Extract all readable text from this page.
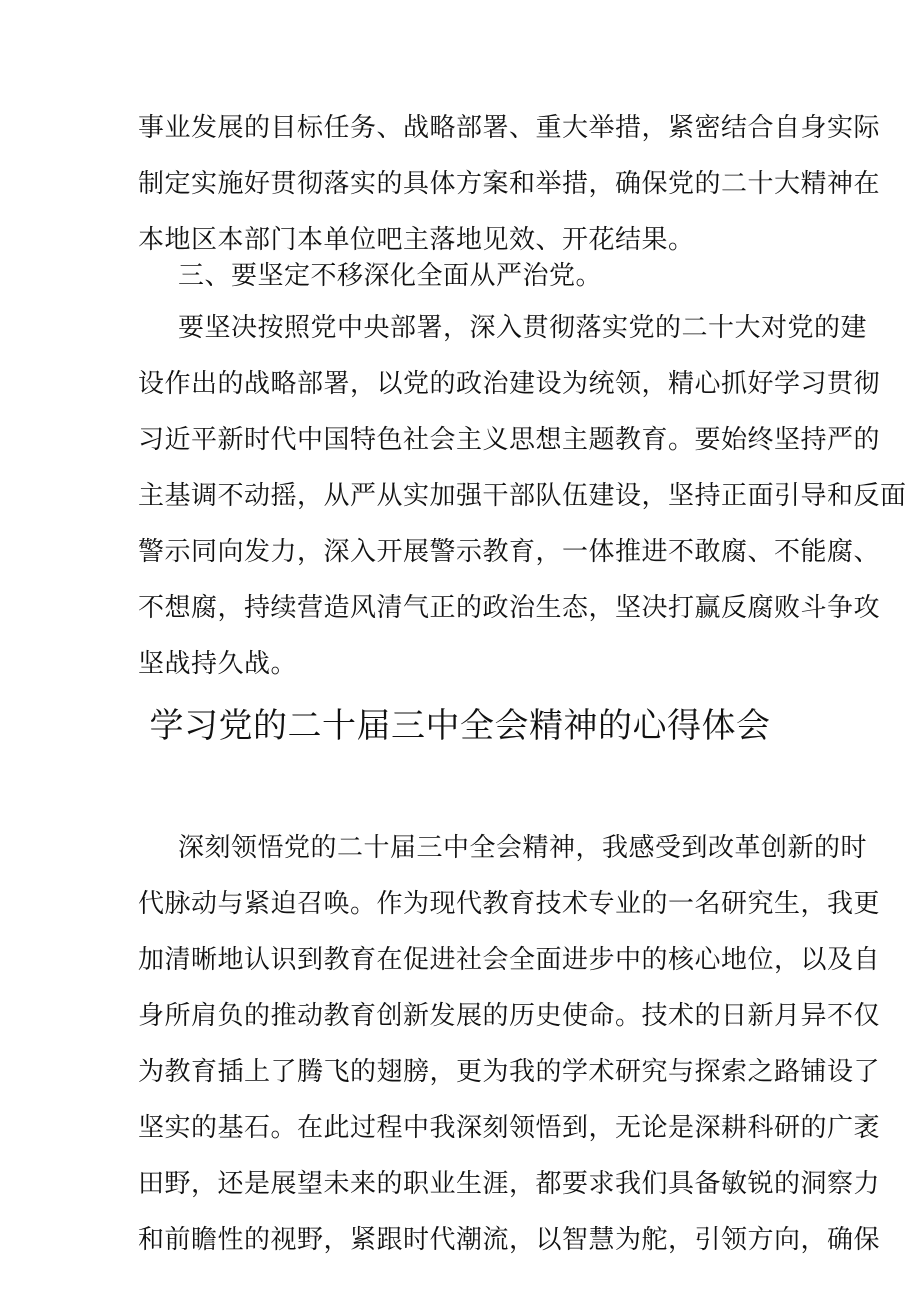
事业发展的目标任务、战略部署、重大举措，紧密结合自身实际
制定实施好贯彻落实的具体方案和举措，确保党的二十大精神在
本地区本部门本单位吧主落地见效、开花结果。
三、要坚定不移深化全面从严治党。
要坚决按照党中央部署，深入贯彻落实党的二十大对党的建
设作出的战略部署，以党的政治建设为统领，精心抓好学习贯彻
习近平新时代中国特色社会主义思想主题教育。要始终坚持严的
主基调不动摇，从严从实加强干部队伍建设，坚持正面引导和反面
警示同向发力，深入开展警示教育，一体推进不敢腐、不能腐、
不想腐，持续营造风清气正的政治生态，坚决打赢反腐败斗争攻
坚战持久战。
学习党的二十届三中全会精神的心得体会
深刻领悟党的二十届三中全会精神，我感受到改革创新的时
代脉动与紧迫召唤。作为现代教育技术专业的一名研究生，我更
加清晰地认识到教育在促进社会全面进步中的核心地位，以及自
身所肩负的推动教育创新发展的历史使命。技术的日新月异不仅
为教育插上了腾飞的翅膀，更为我的学术研究与探索之路铺设了
坚实的基石。在此过程中我深刻领悟到，无论是深耕科研的广袤
田野，还是展望未来的职业生涯，都要求我们具备敏锐的洞察力
和前瞻性的视野，紧跟时代潮流，以智慧为舵，引领方向，确保
